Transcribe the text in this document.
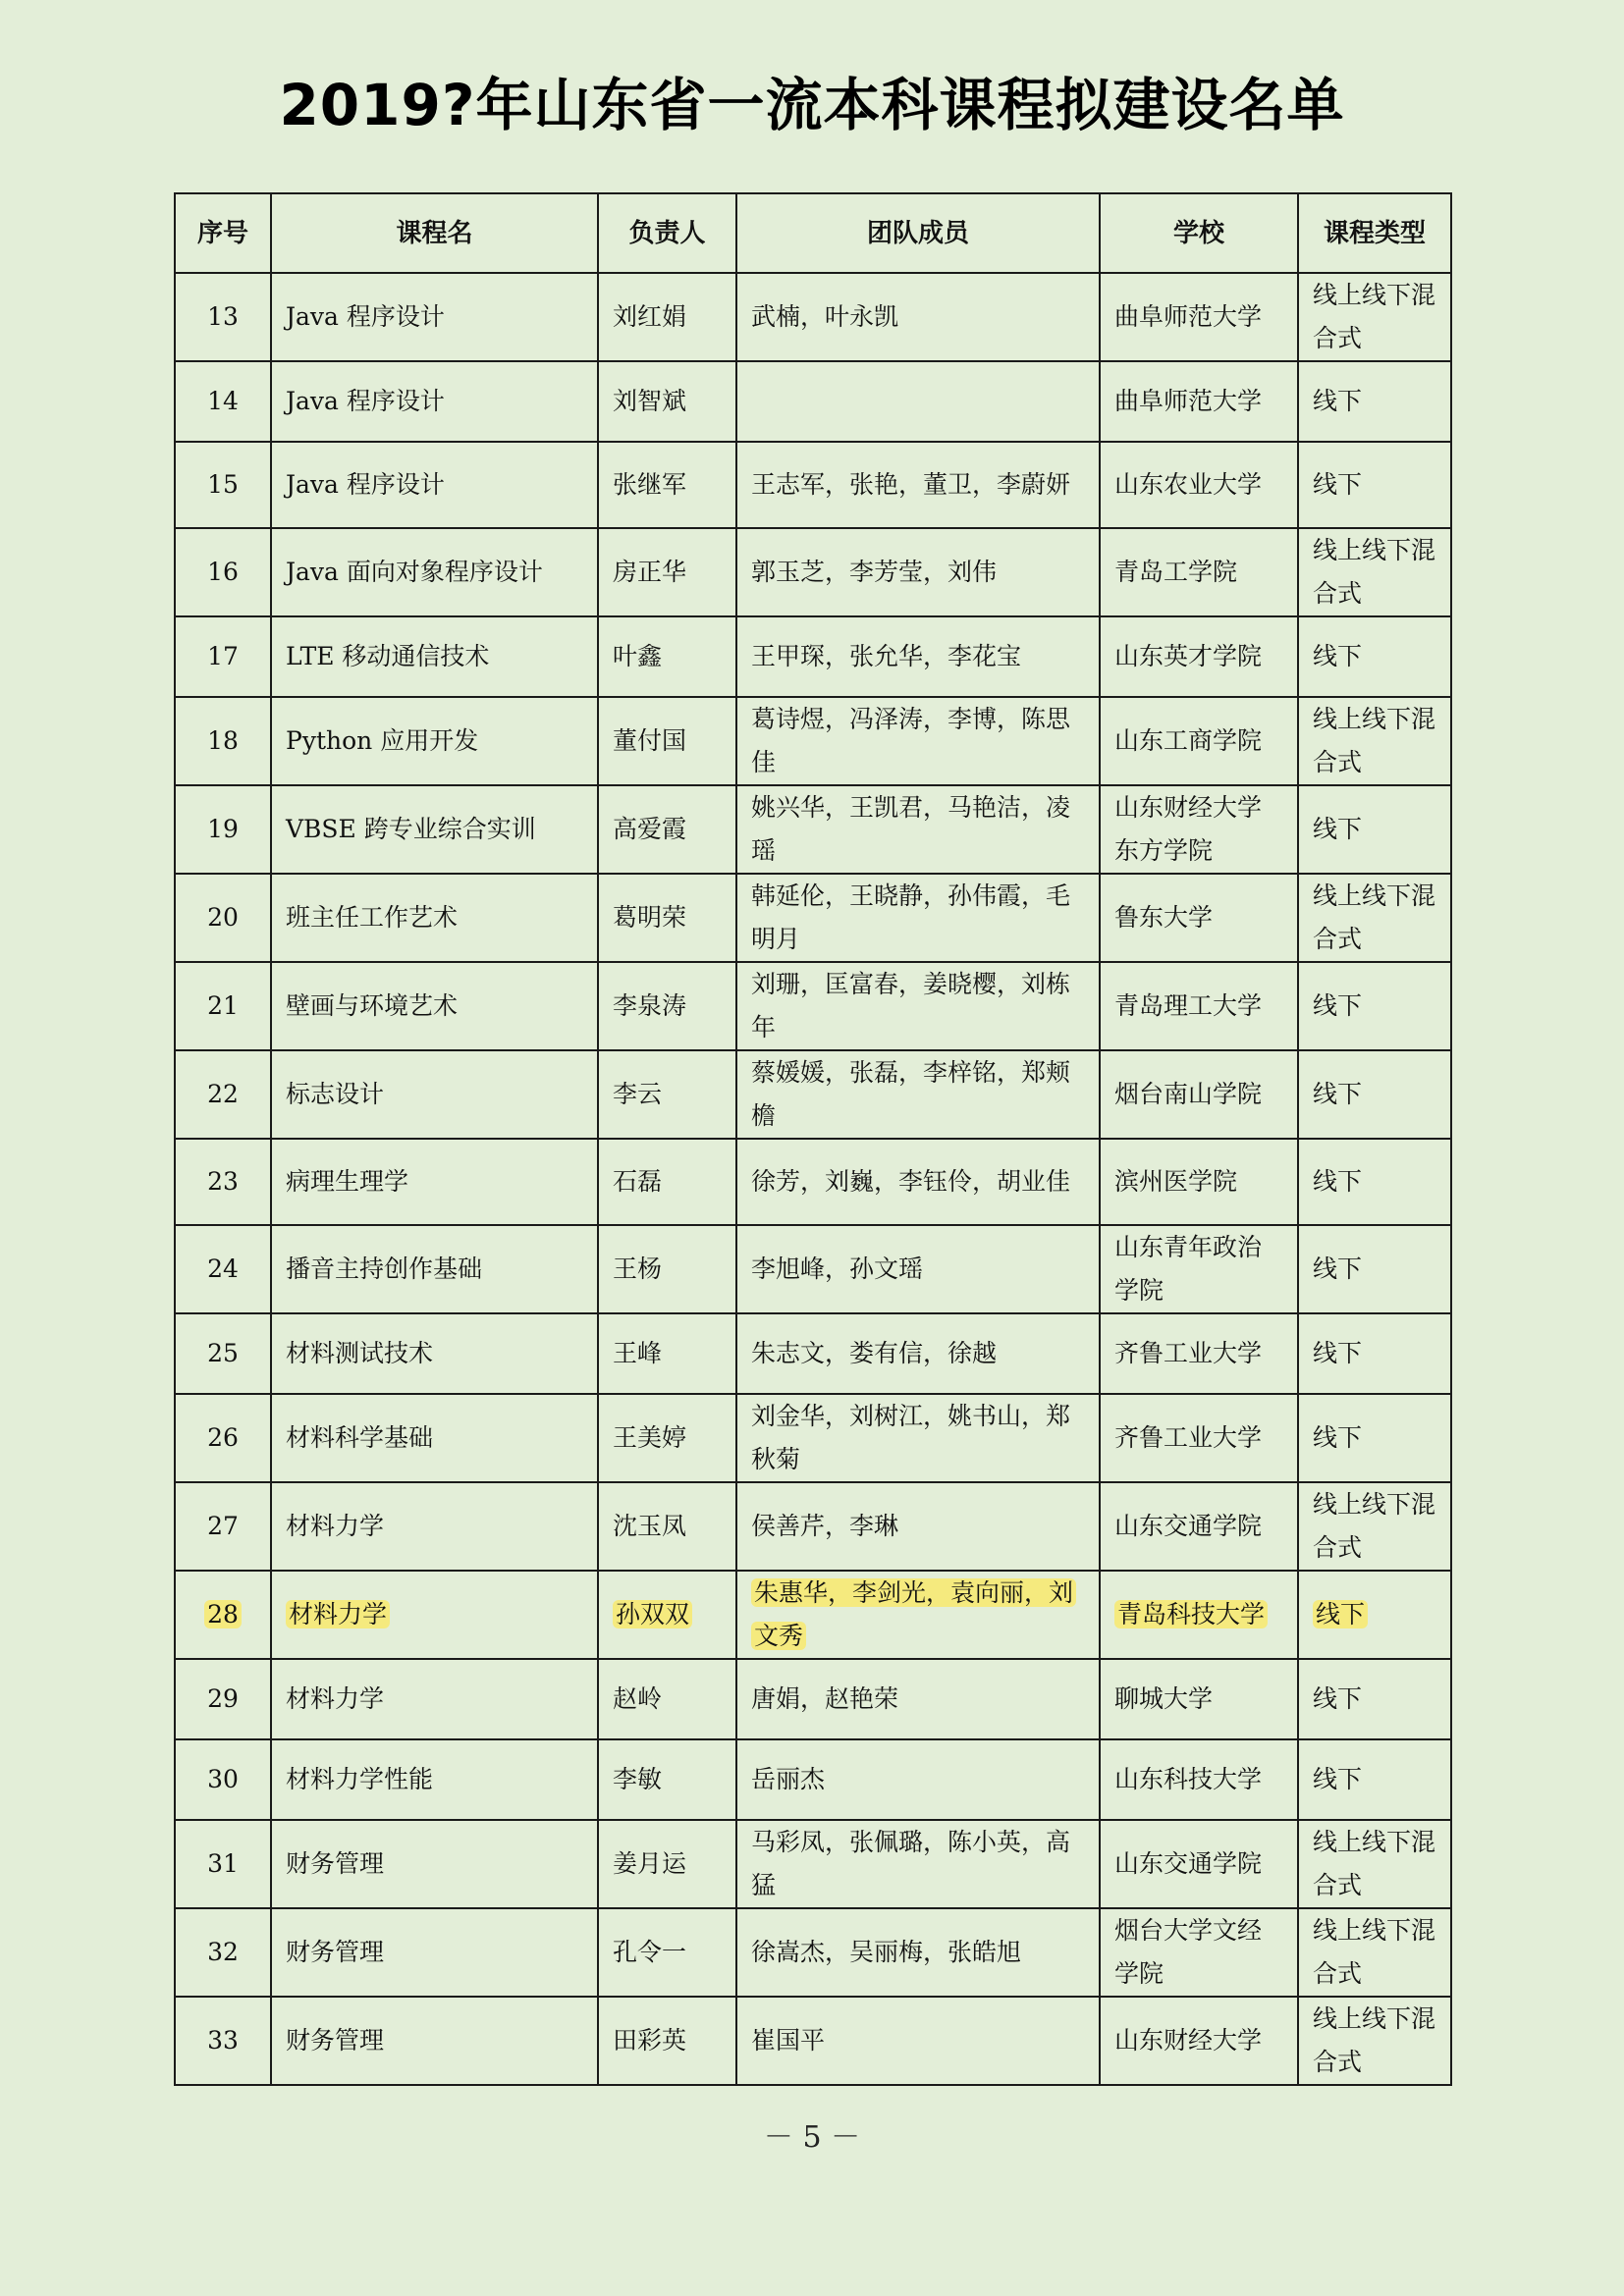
2019?年山东省一流本科课程拟建设名单
序号	课程名	负责人	团队成员	学校	课程类型
13	Java 程序设计	刘红娟	武楠，叶永凯	曲阜师范大学	线上线下混合式
14	Java 程序设计	刘智斌		曲阜师范大学	线下
15	Java 程序设计	张继军	王志军，张艳，董卫，李蔚妍	山东农业大学	线下
16	Java 面向对象程序设计	房正华	郭玉芝，李芳莹，刘伟	青岛工学院	线上线下混合式
17	LTE 移动通信技术	叶鑫	王甲琛，张允华，李花宝	山东英才学院	线下
18	Python 应用开发	董付国	葛诗煜，冯泽涛，李博，陈思佳	山东工商学院	线上线下混合式
19	VBSE 跨专业综合实训	高爱霞	姚兴华，王凯君，马艳洁，凌瑶	山东财经大学东方学院	线下
20	班主任工作艺术	葛明荣	韩延伦，王晓静，孙伟霞，毛明月	鲁东大学	线上线下混合式
21	壁画与环境艺术	李泉涛	刘珊，匡富春，姜晓樱，刘栋年	青岛理工大学	线下
22	标志设计	李云	蔡媛媛，张磊，李梓铭，郑颊檐	烟台南山学院	线下
23	病理生理学	石磊	徐芳，刘巍，李钰伶，胡业佳	滨州医学院	线下
24	播音主持创作基础	王杨	李旭峰，孙文瑶	山东青年政治学院	线下
25	材料测试技术	王峰	朱志文，娄有信，徐越	齐鲁工业大学	线下
26	材料科学基础	王美婷	刘金华，刘树江，姚书山，郑秋菊	齐鲁工业大学	线下
27	材料力学	沈玉凤	侯善芹，李琳	山东交通学院	线上线下混合式
28	材料力学	孙双双	朱惠华，李剑光，袁向丽，刘文秀	青岛科技大学	线下
29	材料力学	赵岭	唐娟，赵艳荣	聊城大学	线下
30	材料力学性能	李敏	岳丽杰	山东科技大学	线下
31	财务管理	姜月运	马彩凤，张佩璐，陈小英，高猛	山东交通学院	线上线下混合式
32	财务管理	孔令一	徐嵩杰，吴丽梅，张皓旭	烟台大学文经学院	线上线下混合式
33	财务管理	田彩英	崔国平	山东财经大学	线上线下混合式
－ 5 －
